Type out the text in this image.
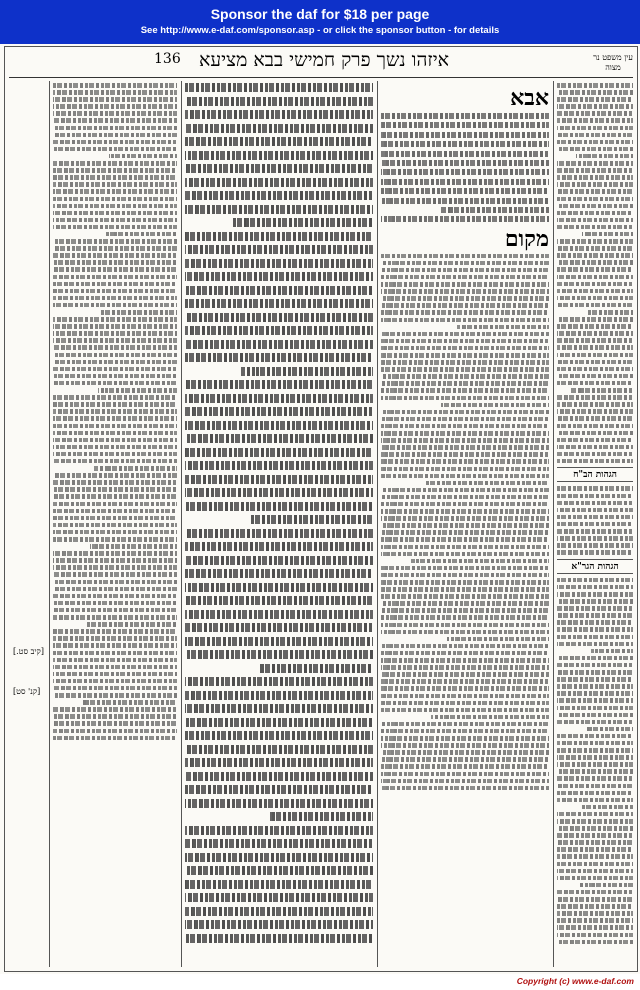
Sponsor the daf for $18 per page
See http://www.e-daf.com/sponsor.asp - or click the sponsor button - for details
136 איזהו נשך פרק חמישי בבא מציעא	עין משפט נר מצוה
[קיב סט.]
[קנ' סט]
אבא
מקום
הגהות הב"ח
הגהות הגר"א
Copyright (c) www.e-daf.com
